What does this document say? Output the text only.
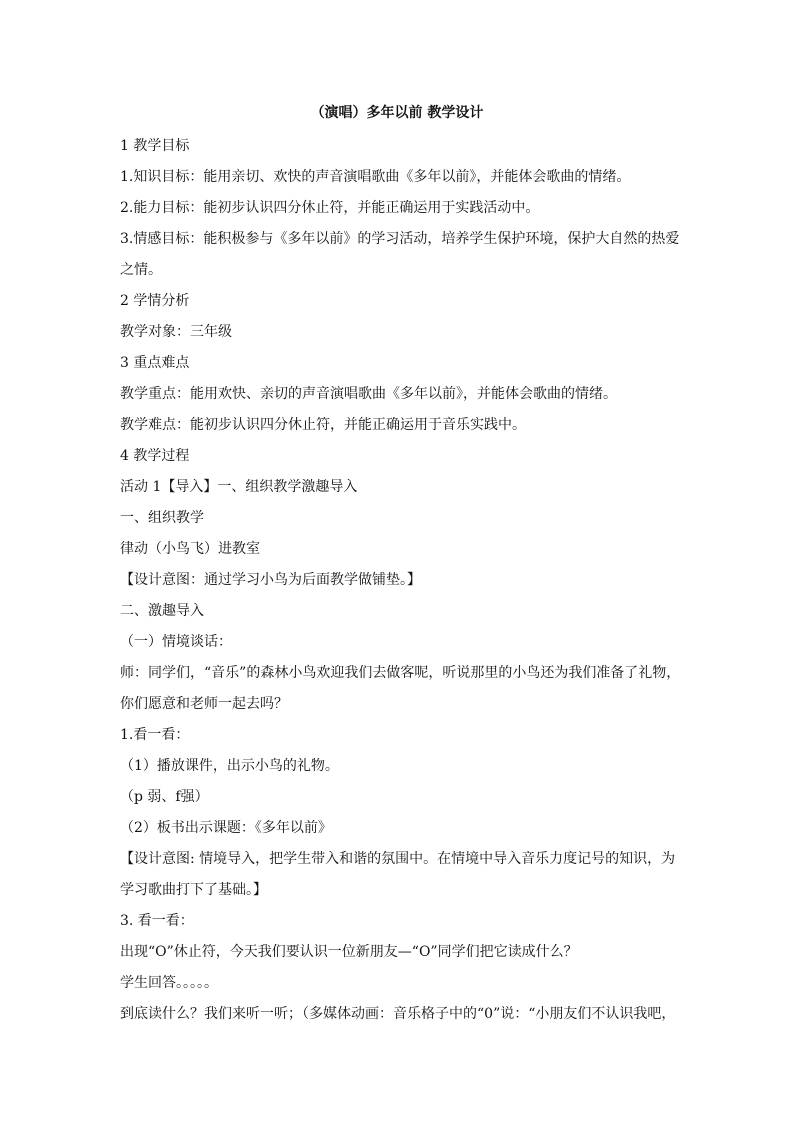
（演唱）多年以前 教学设计
1 教学目标
1.知识目标：能用亲切、欢快的声音演唱歌曲《多年以前》，并能体会歌曲的情绪。
2.能力目标：能初步认识四分休止符，并能正确运用于实践活动中。
3.情感目标：能积极参与《多年以前》的学习活动，培养学生保护环境，保护大自然的热爱
之情。
2 学情分析
教学对象：三年级
3 重点难点
教学重点：能用欢快、亲切的声音演唱歌曲《多年以前》，并能体会歌曲的情绪。
教学难点：能初步认识四分休止符，并能正确运用于音乐实践中。
4 教学过程
活动 1【导入】一、组织教学激趣导入
一、组织教学
律动（小鸟飞）进教室
【设计意图：通过学习小鸟为后面教学做铺垫。】
二、激趣导入
（一）情境谈话：
师：同学们，“音乐”的森林小鸟欢迎我们去做客呢，听说那里的小鸟还为我们准备了礼物，
你们愿意和老师一起去吗？
1.看一看：
（1）播放课件，出示小鸟的礼物。
（p 弱、f强）
（2）板书出示课题：《多年以前》
【设计意图: 情境导入，把学生带入和谐的氛围中。在情境中导入音乐力度记号的知识，为
学习歌曲打下了基础。】
3. 看一看：
出现“O”休止符，今天我们要认识一位新朋友—“O”同学们把它读成什么？
学生回答。。。。。
到底读什么？我们来听一听；（多媒体动画：音乐格子中的“0”说：“小朋友们不认识我吧，
